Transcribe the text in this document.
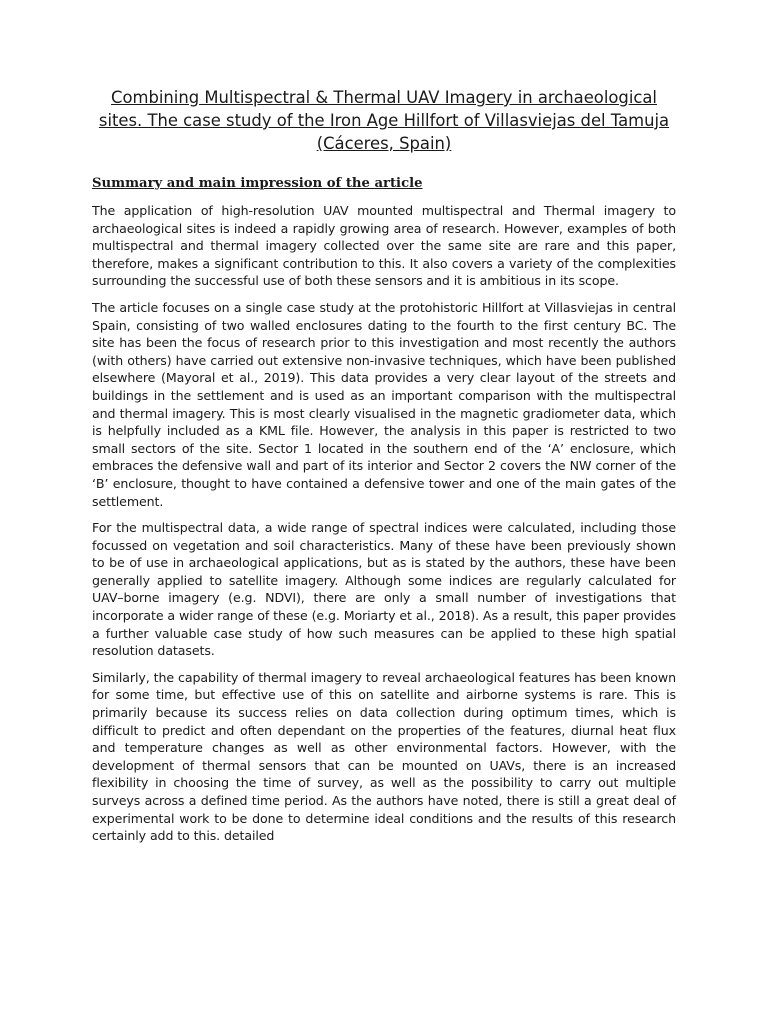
Combining Multispectral & Thermal UAV Imagery in archaeological sites. The case study of the Iron Age Hillfort of Villasviejas del Tamuja (Cáceres, Spain)
Summary and main impression of the article

The application of high-resolution UAV mounted multispectral and Thermal imagery to archaeological sites is indeed a rapidly growing area of research. However, examples of both multispectral and thermal imagery collected over the same site are rare and this paper, therefore, makes a significant contribution to this. It also covers a variety of the complexities surrounding the successful use of both these sensors and it is ambitious in its scope.

The article focuses on a single case study at the protohistoric Hillfort at Villasviejas in central Spain, consisting of two walled enclosures dating to the fourth to the first century BC. The site has been the focus of research prior to this investigation and most recently the authors (with others) have carried out extensive non-invasive techniques, which have been published elsewhere (Mayoral et al., 2019). This data provides a very clear layout of the streets and buildings in the settlement and is used as an important comparison with the multispectral and thermal imagery. This is most clearly visualised in the magnetic gradiometer data, which is helpfully included as a KML file. However, the analysis in this paper is restricted to two small sectors of the site. Sector 1 located in the southern end of the ‘A’ enclosure, which embraces the defensive wall and part of its interior and Sector 2 covers the NW corner of the ‘B’ enclosure, thought to have contained a defensive tower and one of the main gates of the settlement.

For the multispectral data, a wide range of spectral indices were calculated, including those focussed on vegetation and soil characteristics. Many of these have been previously shown to be of use in archaeological applications, but as is stated by the authors, these have been generally applied to satellite imagery. Although some indices are regularly calculated for UAV–borne imagery (e.g. NDVI), there are only a small number of investigations that incorporate a wider range of these (e.g. Moriarty et al., 2018). As a result, this paper provides a further valuable case study of how such measures can be applied to these high spatial resolution datasets.

Similarly, the capability of thermal imagery to reveal archaeological features has been known for some time, but effective use of this on satellite and airborne systems is rare. This is primarily because its success relies on data collection during optimum times, which is difficult to predict and often dependant on the properties of the features, diurnal heat flux and temperature changes as well as other environmental factors. However, with the development of thermal sensors that can be mounted on UAVs, there is an increased flexibility in choosing the time of survey, as well as the possibility to carry out multiple surveys across a defined time period. As the authors have noted, there is still a great deal of experimental work to be done to determine ideal conditions and the results of this research certainly add to this. detailed
